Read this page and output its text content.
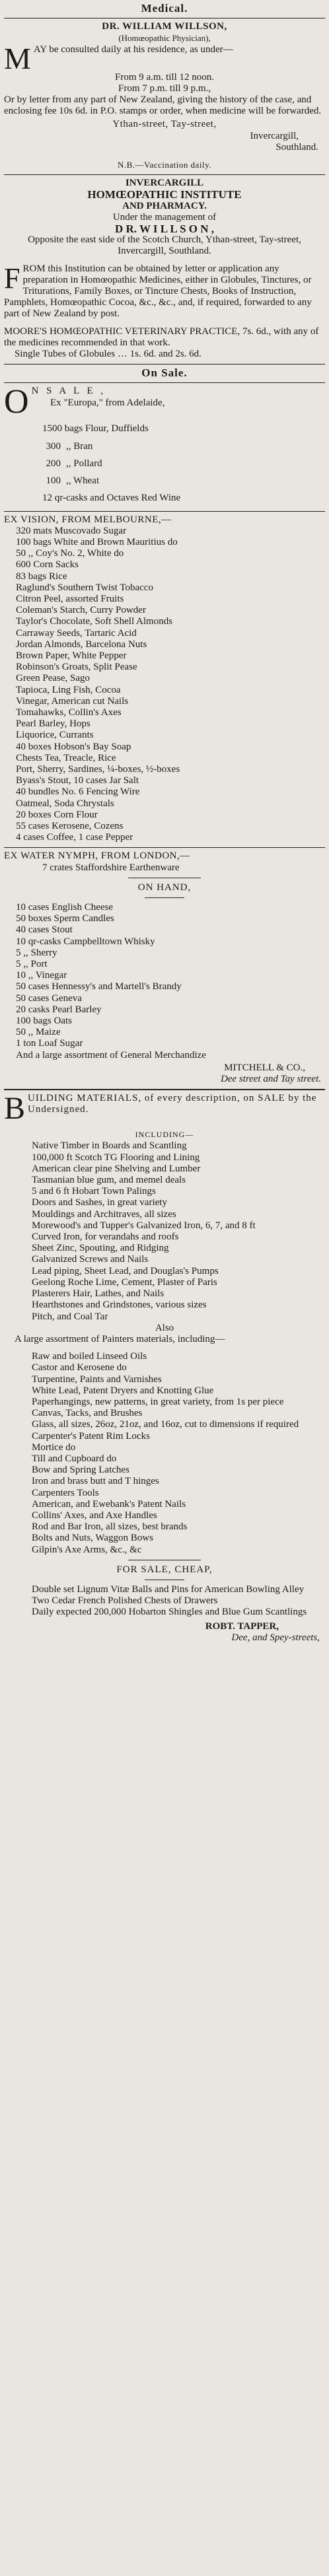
Medical.
DR. WILLIAM WILLSON,
(Homœopathic Physician),
M AY be consulted daily at his residence, as under—
From 9 a.m. till 12 noon.
From 7 p.m. till 9 p.m.,
Or by letter from any part of New Zealand, giving the history of the case, and enclosing fee 10s 6d. in P.O. stamps or order, when medicine will be forwarded.
Ythan-street, Tay-street,
Invercargill,
Southland.
N.B.—Vaccination daily.
INVERCARGILL
HOMŒOPATHIC INSTITUTE
AND PHARMACY.
Under the management of
D R. W I L L S O N ,
Opposite the east side of the Scotch Church, Ythan-street, Tay-street, Invercargill, Southland.
F ROM this Institution can be obtained by letter or application any preparation in Homœopathic Medicines, either in Globules, Tinctures, or Triturations, Family Boxes, or Tincture Chests, Books of Instruction, Pamphlets, Homœopathic Cocoa, &c., &c., and, if required, forwarded to any part of New Zealand by post.
MOORE'S HOMŒOPATHIC VETERINARY PRACTICE, 7s. 6d., with any of the medicines recommended in that work.
Single Tubes of Globules … 1s. 6d. and 2s. 6d.
On Sale.
O N S A L E ,
Ex "Europa," from Adelaide,
1500 bags Flour, Duffields
300 ,, Bran
200 ,, Pollard
100 ,, Wheat
12 qr-casks and Octaves Red Wine
EX VISION, FROM MELBOURNE,—
320 mats Muscovado Sugar
100 bags White and Brown Mauritius do
50 ,, Coy's No. 2, White do
600 Corn Sacks
83 bags Rice
Raglund's Southern Twist Tobacco
Citron Peel, assorted Fruits
Coleman's Starch, Curry Powder
Taylor's Chocolate, Soft Shell Almonds
Carraway Seeds, Tartaric Acid
Jordan Almonds, Barcelona Nuts
Brown Paper, White Pepper
Robinson's Groats, Split Pease
Green Pease, Sago
Tapioca, Ling Fish, Cocoa
Vinegar, American cut Nails
Tomahawks, Collin's Axes
Pearl Barley, Hops
Liquorice, Currants
40 boxes Hobson's Bay Soap
Chests Tea, Treacle, Rice
Port, Sherry, Sardines, ¼-boxes, ½-boxes
Byass's Stout, 10 cases Jar Salt
40 bundles No. 6 Fencing Wire
Oatmeal, Soda Chrystals
20 boxes Corn Flour
55 cases Kerosene, Cozens
4 cases Coffee, 1 case Pepper
EX WATER NYMPH, FROM LONDON,—
7 crates Staffordshire Earthenware
ON HAND,
10 cases English Cheese
50 boxes Sperm Candles
40 cases Stout
10 qr-casks Campbelltown Whisky
5 ,, Sherry
5 ,, Port
10 ,, Vinegar
50 cases Hennessy's and Martell's Brandy
50 cases Geneva
20 casks Pearl Barley
100 bags Oats
50 ,, Maize
1 ton Loaf Sugar
And a large assortment of General Merchandize
MITCHELL & CO.,
Dee street and Tay street.
B UILDING MATERIALS, of every description, on SALE by the Undersigned.
INCLUDING—
Native Timber in Boards and Scantling
100,000 ft Scotch TG Flooring and Lining
American clear pine Shelving and Lumber
Tasmanian blue gum, and memel deals
5 and 6 ft Hobart Town Palings
Doors and Sashes, in great variety
Mouldings and Architraves, all sizes
Morewood's and Tupper's Galvanized Iron, 6, 7, and 8 ft
Curved Iron, for verandahs and roofs
Sheet Zinc, Spouting, and Ridging
Galvanized Screws and Nails
Lead piping, Sheet Lead, and Douglas's Pumps
Geelong Roche Lime, Cement, Plaster of Paris
Plasterers Hair, Lathes, and Nails
Hearthstones and Grindstones, various sizes
Pitch, and Coal Tar
Also
A large assortment of Painters materials, including—
Raw and boiled Linseed Oils
Castor and Kerosene do
Turpentine, Paints and Varnishes
White Lead, Patent Dryers and Knotting Glue
Paperhangings, new patterns, in great variety, from 1s per piece
Canvas, Tacks, and Brushes
Glass, all sizes, 26oz, 21oz, and 16oz, cut to dimensions if required
Carpenter's Patent Rim Locks
Mortice do
Till and Cupboard do
Bow and Spring Latches
Iron and brass butt and T hinges
Carpenters Tools
American, and Ewebank's Patent Nails
Collins' Axes, and Axe Handles
Rod and Bar Iron, all sizes, best brands
Bolts and Nuts, Waggon Bows
Gilpin's Axe Arms, &c., &c
FOR SALE, CHEAP,
Double set Lignum Vitæ Balls and Pins for American Bowling Alley
Two Cedar French Polished Chests of Drawers
Daily expected 200,000 Hobarton Shingles and Blue Gum Scantlings
ROBT. TAPPER,
Dee, and Spey-streets,
